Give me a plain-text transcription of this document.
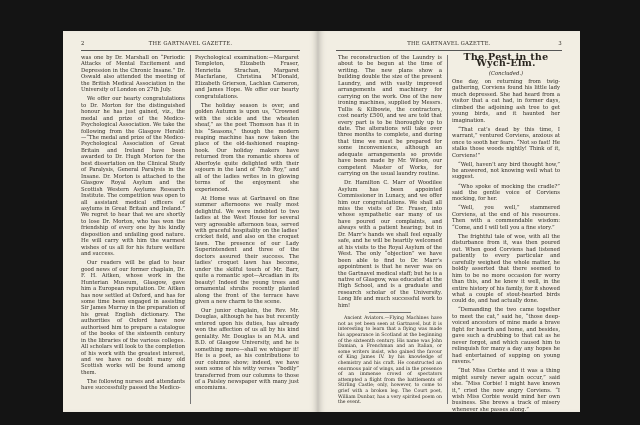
2	THE GARTNAVEL GAZETTE.

was one by Dr. Marshall on “Periodic Attacks of Mental Excitement and Depression in the Chronic Insane.” Dr. Oswald also attended the meeting of the British Medical Association in the University of London on 27th July.

We offer our hearty congratulations to Dr. Morton for the distinguished honour he has just gained, viz., the medal and prize of the Medico-Psychological Association. We take the following from the Glasgow Herald:—“The medal and prize of the Medico-Psychological Association of Great Britain and Ireland have been awarded to Dr. Hugh Morton for the best dissertation on the Clinical Study of Paralysis, General Paralysis in the Insane. Dr. Morton is attached to the Glasgow Royal Asylum and the Scottish Western Asylums Research Institute. The competition was open to all assistant medical officers of asylums in Great Britain and Ireland.” We regret to hear that we are shortly to lose Dr. Morton, who has won the friendship of every one by his kindly disposition and unfailing good nature. He will carry with him the warmest wishes of us all for his future welfare and success.

Our readers will be glad to hear good news of our former chaplain, Dr. F. H. Aitken, whose work in the Hunterian Museum, Glasgow, gave him a European reputation. Dr. Aitken has now settled at Oxford, and has for some time been engaged in assisting Sir James Murray in the preparation of his great English dictionary. The authorities of Oxford have now authorised him to prepare a catalogue of the books of the sixteenth century in the libraries of the various colleges. All scholars will look to the completion of his work with the greatest interest, and we have no doubt many old Scottish works will be found among them.

The following nurses and attendants have successfully passed the Medico-

Psychological examination:—Margaret Templeton, Elizabeth Fraser, Henrietta Strachan, Margaret Macfarlane, Christina M‘Donald, Elizabeth Grierson, Lachlan Cameron, and James Hope. We offer our hearty congratulations.

The holiday season is over, and golden Autumn is upon us, “Crowned with the sickle and the wheaten sheaf,” as the poet Thomson has it in his “Seasons,” though the modern reaping machine has now taken the place of the old-fashioned reaping-hook. Our holiday makers have returned from the romantic shores of Aberfoyle quite delighted with their sojourn in the land of “Rob Roy,” and all of the ladies writes in in glowing terms of the enjoyment she experienced.

At Home was at Gartnavel on fine summer afternoons we really most delightful. We were indebted to two ladies at the West House for several very agreeable afternoon teas, served with graceful hospitality on the ladies’ cricket field, and also on the croquet lawn. The presence of our Lady Superintendent and three of the doctors assured their success. The ladies’ croquet lawn has become, under the skilful touch of Mr. Barr, quite a romantic spot—Arcadian in its beauty! Indeed the young trees and ornamental shrubs recently planted along the front of the terrace have given a new charm to the scene.

Our junior chaplain, the Rev. Mr. Douglas, although he has but recently entered upon his duties, has already won the affection of us all by his kind geniality. Mr. Douglas is an M.A. and B.D. of Glasgow University, and he is something more—shall we whisper it! He is a poet, as his contributions to our columns show; indeed, we have seen some of his witty verses “bodily” transferred from our columns to those of a Paisley newspaper with many just encomiums.

THE GARTNAVEL GAZETTE.	3

The reconstruction of the Laundry is about to be begun at the time of writing. The new plans show a building double the size of the present Laundry, and with vastly improved arrangements and machinery for carrying on the work. One of the new ironing machines, supplied by Messrs. Tullis & Kilbowie, the contractors, cost nearly £500, and we are told that every part is to be thoroughly up to date. The alterations will take over three months to complete, and during that time we must be prepared for some inconvenience, although an adequate arrangements so provide have been made by Mr. Wilson, our competent Master of Works, for carrying on the usual laundry routine.

Dr. Hamilton C. Marr of Woodilee Asylum has been appointed Commissioner in Lunacy, and we offer him our congratulations. We shall all miss the visits of Dr. Fraser, into whose sympathetic ear many of us have poured our complaints, and always with a patient hearing; but in Dr. Marr’s hands we shall feel equally safe, and he will be heartily welcomed at his visits to the Royal Asylum of the West. The only “objection” we have been able to find to Dr. Marr’s appointment is that he never was on the Gartnavel medical staff; but he is a native of Glasgow, was educated at the High School, and is a graduate and research scholar of the University. Long life and much successful work to him!

Ancient Aviators.—Flying Machines have not as yet been seen at Gartnavel, but it is interesting to learn that a flying was made his appearance in Scotland at the beginning of the sixteenth century. His name was John Damian, a Frenchman and an Italian, or some writers insist, who gained the favour of King James IV. by his knowledge of chemistry and his craft. He constructed an enormous pair of wings, and in the presence of an immense crowd of spectators attempted a flight from the battlements of Stirling Castle; only, however, to come to grief with a broken leg. The Court poet, William Dunbar, has a very spirited poem on the event.

The Pest in the Wych-Elm.

(Concluded.)

One day, on returning from twig-gathering, Corviens found his little lady much depressed. She had heard from a visitor that a cat had, in former days, climbed the adjoining ash tree to get young birds, and it haunted her imagination.

“That cat’s dead by this time, I warrant,” ventured Corviens, anxious at once to sooth her fears. “Not so fast! He stalks those woods nightly! Think of it, Corviens!”

“Well, haven’t any bird thought how,” he answered, not knowing well what to suggest.

“Who spoke of mocking the cradle?” said the gentle voice of Corviens mocking, for her.

“Well, you well,” stammered Corviens, at the end of his resources. Then with a commendable wisdom: “Come, and I will tell you a fine story.”

The frightful tale of woe, with all the disturbance from it, was then poured out. When good Corviens had listened patiently to every particular and carefully weighed the whole matter, he boldly asserted that there seemed to him to be no more occasion for worry than this, and he knew it well, in the entire history of his family, for it showed what a couple of stout-hearted birds could do, and had actually done.

“Demanding the two came together to meet the cat,” said he, “those deep-voiced ancestors of mine made a brave fight for hearth and home, and besides, gave such a drubbing to that cat as he never forgot, and which caused him to relinquish for many a day any hopes he had entertained of supping on young ravens.”

“But Miss Corbie and it was a thing might surely never again occur,” said she. “Miss Corbie! I might have known it,” cried the now angry Corviens. “I wish Miss Corbie would mind her own business. She brews a track of misery whenever she passes along.”
